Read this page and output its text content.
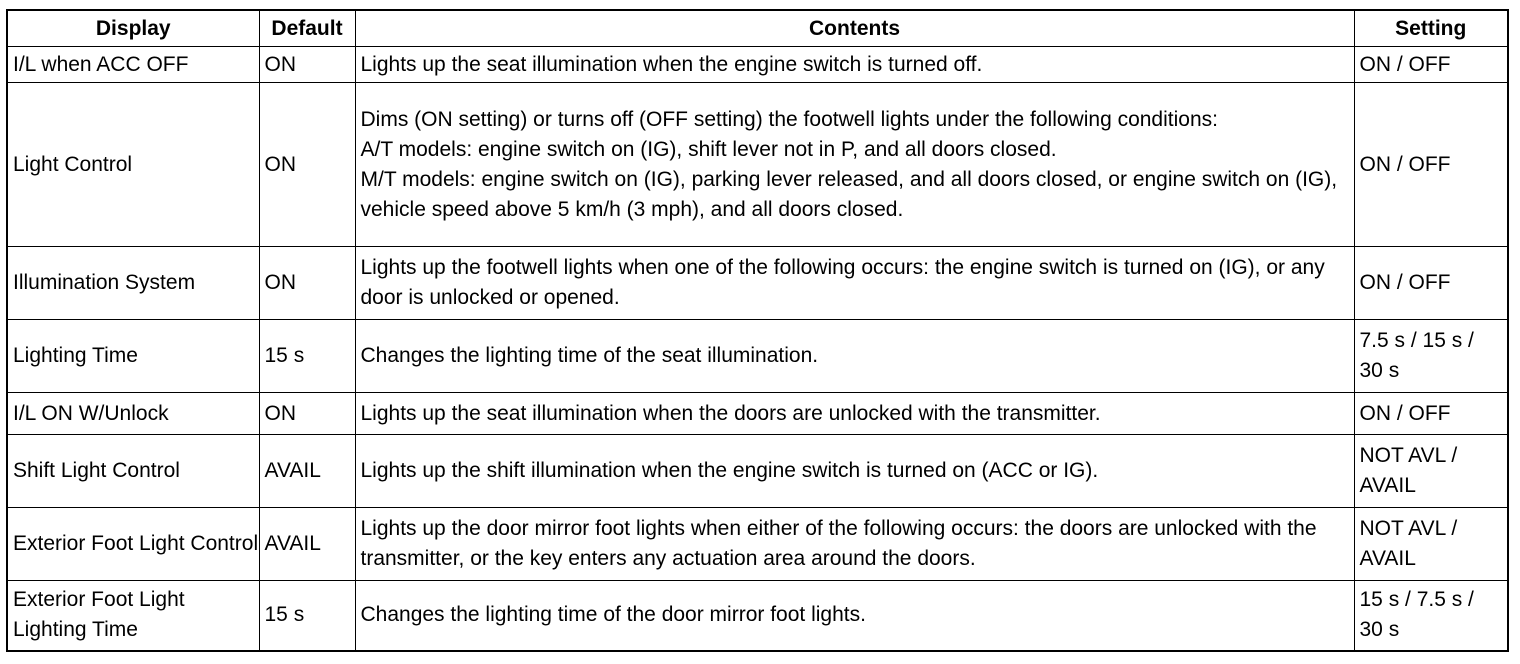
Display	Default	Contents	Setting
I/L when ACC OFF	ON	Lights up the seat illumination when the engine switch is turned off.	ON / OFF
Light Control	ON	Dims (ON setting) or turns off (OFF setting) the footwell lights under the following conditions:
A/T models: engine switch on (IG), shift lever not in P, and all doors closed.
M/T models: engine switch on (IG), parking lever released, and all doors closed, or engine switch on (IG), vehicle speed above 5 km/h (3 mph), and all doors closed.	ON / OFF
Illumination System	ON	Lights up the footwell lights when one of the following occurs: the engine switch is turned on (IG), or any door is unlocked or opened.	ON / OFF
Lighting Time	15 s	Changes the lighting time of the seat illumination.	7.5 s / 15 s / 30 s
I/L ON W/Unlock	ON	Lights up the seat illumination when the doors are unlocked with the transmitter.	ON / OFF
Shift Light Control	AVAIL	Lights up the shift illumination when the engine switch is turned on (ACC or IG).	NOT AVL / AVAIL
Exterior Foot Light Control	AVAIL	Lights up the door mirror foot lights when either of the following occurs: the doors are unlocked with the transmitter, or the key enters any actuation area around the doors.	NOT AVL / AVAIL
Exterior Foot Light Lighting Time	15 s	Changes the lighting time of the door mirror foot lights.	15 s / 7.5 s / 30 s
